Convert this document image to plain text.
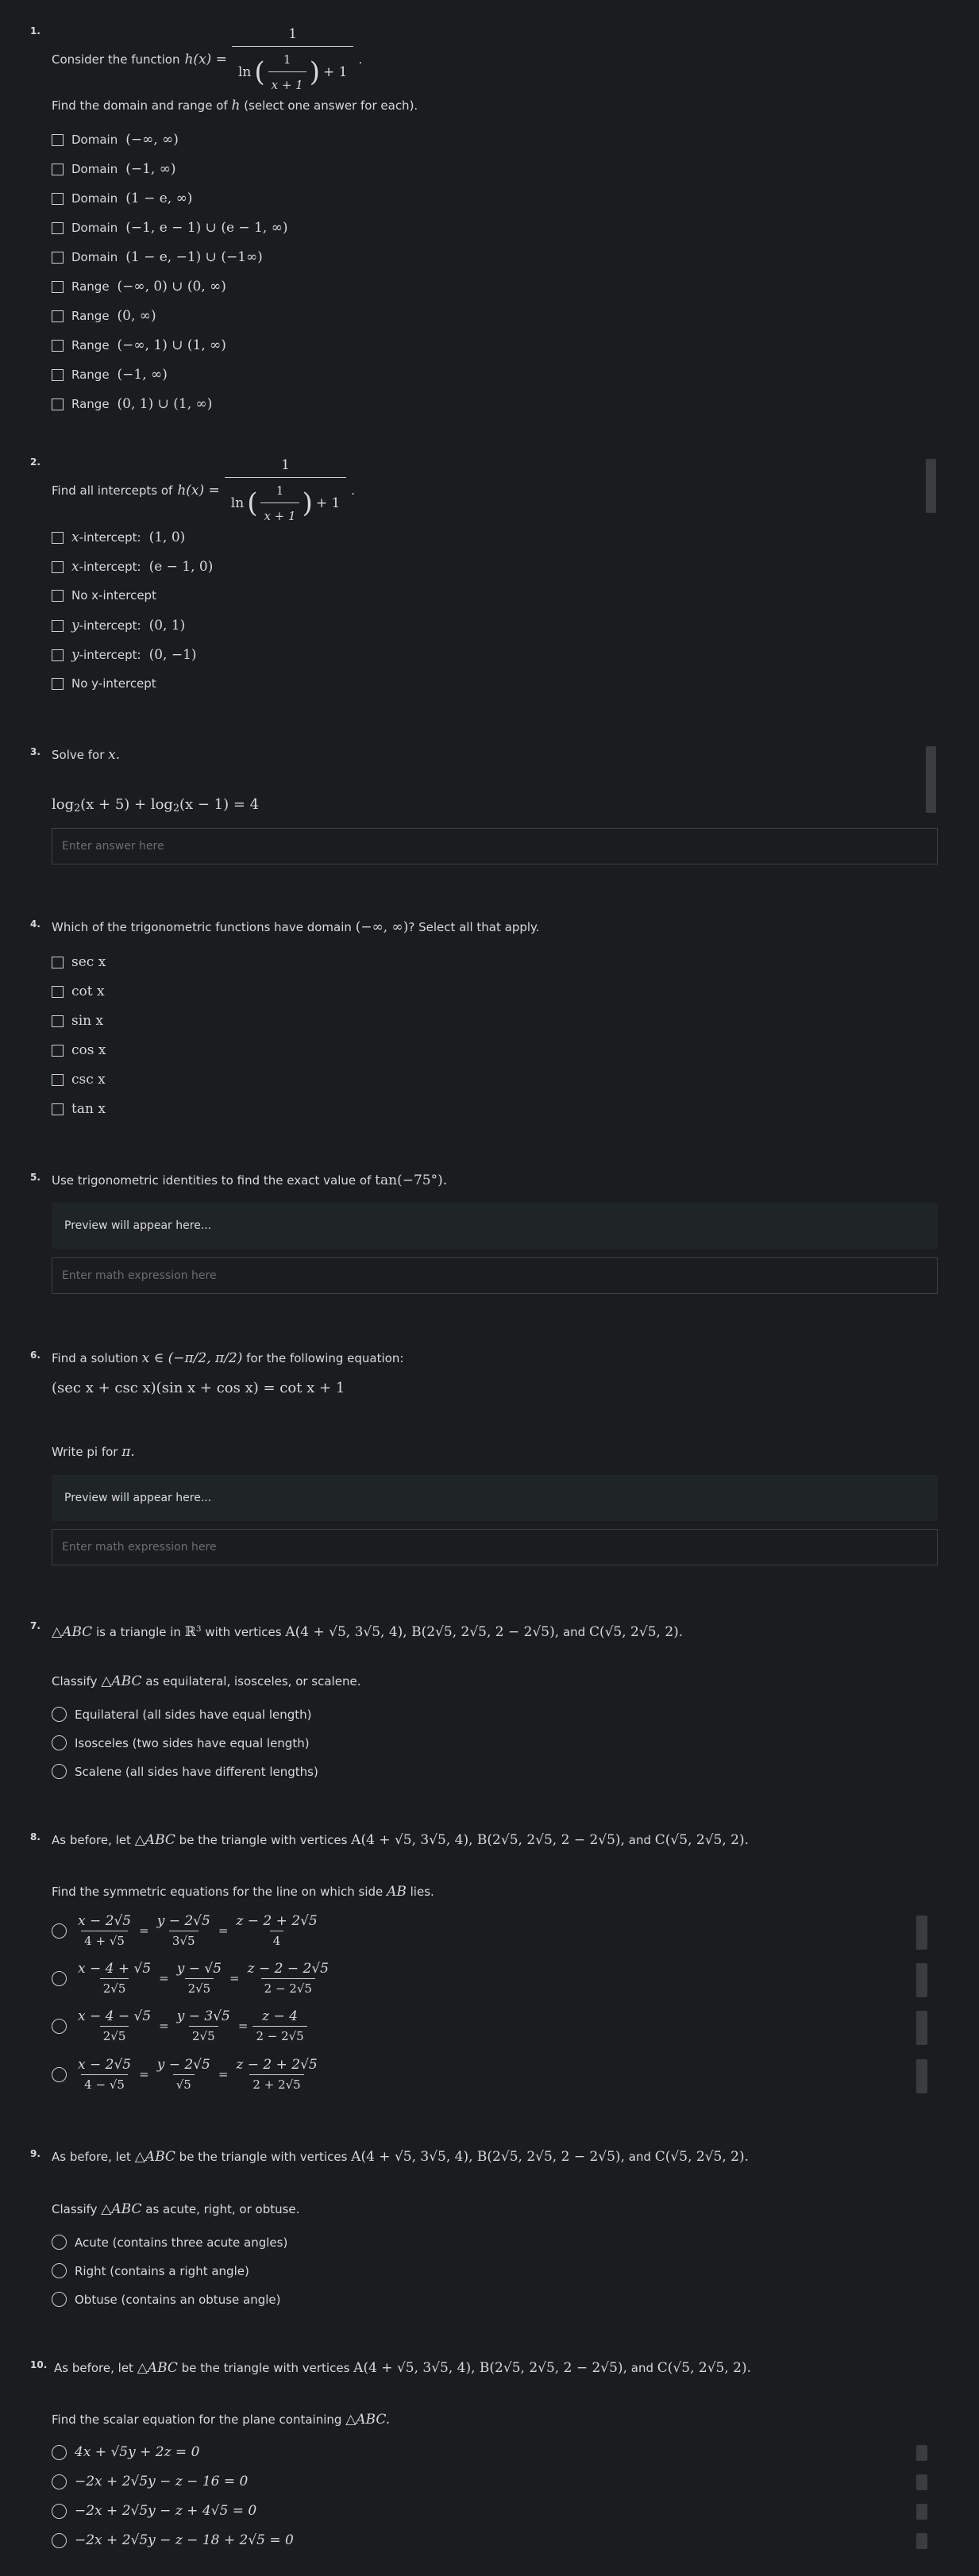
1.
Consider the function h(x) =
1
ln ( $\frac{1}{x + 1}$ ) + 1
.
Find the domain and range of h (select one answer for each).
Domain (−∞, ∞)
Domain (−1, ∞)
Domain (1 − e, ∞)
Domain (−1, e − 1) ∪ (e − 1, ∞)
Domain (1 − e, −1) ∪ (−1∞)
Range (−∞, 0) ∪ (0, ∞)
Range (0, ∞)
Range (−∞, 1) ∪ (1, ∞)
Range (−1, ∞)
Range (0, 1) ∪ (1, ∞)
2.
Find all intercepts of h(x) =
1
ln ( $\frac{1}{x + 1}$ ) + 1
.
x -intercept: (1, 0)
x -intercept: (e − 1, 0)
No x-intercept
y -intercept: (0, 1)
y -intercept: (0, −1)
No y-intercept
3. Solve for x.
$\log_2(x + 5) + \log_2(x - 1) = 4$
Enter answer here
4. Which of the trigonometric functions have domain (−∞, ∞)? Select all that apply.
sec x
cot x
sin x
cos x
csc x
tan x
5. Use trigonometric identities to find the exact value of tan(−75°).
Preview will appear here...
Enter math expression here
6. Find a solution x ∈ (−π/2, π/2) for the following equation:
(sec x + csc x)(sin x + cos x) = cot x + 1
Write pi for π.
Preview will appear here...
Enter math expression here
7. △ABC is a triangle in ℝ$^3$ with vertices A(4 + √5, 3√5, 4), B(2√5, 2√5, 2 − 2√5), and C(√5, 2√5, 2).
Classify △ABC as equilateral, isosceles, or scalene.
Equilateral (all sides have equal length)
Isosceles (two sides have equal length)
Scalene (all sides have different lengths)
8. As before, let △ABC be the triangle with vertices A(4 + √5, 3√5, 4), B(2√5, 2√5, 2 − 2√5), and C(√5, 2√5, 2).
Find the symmetric equations for the line on which side AB lies.
$\frac{x - 2√5}{4 + √5} = \frac{y - 2√5}{3√5} = \frac{z - 2 + 2√5}{4}$
$\frac{x - 4 + √5}{2√5} = \frac{y - √5}{2√5} = \frac{z - 2 - 2√5}{2 - 2√5}$
$\frac{x - 4 - √5}{2√5} = \frac{y - 3√5}{2√5} = \frac{z - 4}{2 - 2√5}$
$\frac{x - 2√5}{4 - √5} = \frac{y - 2√5}{√5} = \frac{z - 2 + 2√5}{2 + 2√5}$
9. As before, let △ABC be the triangle with vertices A(4 + √5, 3√5, 4), B(2√5, 2√5, 2 − 2√5), and C(√5, 2√5, 2).
Classify △ABC as acute, right, or obtuse.
Acute (contains three acute angles)
Right (contains a right angle)
Obtuse (contains an obtuse angle)
10. As before, let △ABC be the triangle with vertices A(4 + √5, 3√5, 4), B(2√5, 2√5, 2 − 2√5), and C(√5, 2√5, 2).
Find the scalar equation for the plane containing △ABC.
4x + √5y + 2z = 0
−2x + 2√5y − z − 16 = 0
−2x + 2√5y − z + 4√5 = 0
−2x + 2√5y − z − 18 + 2√5 = 0
